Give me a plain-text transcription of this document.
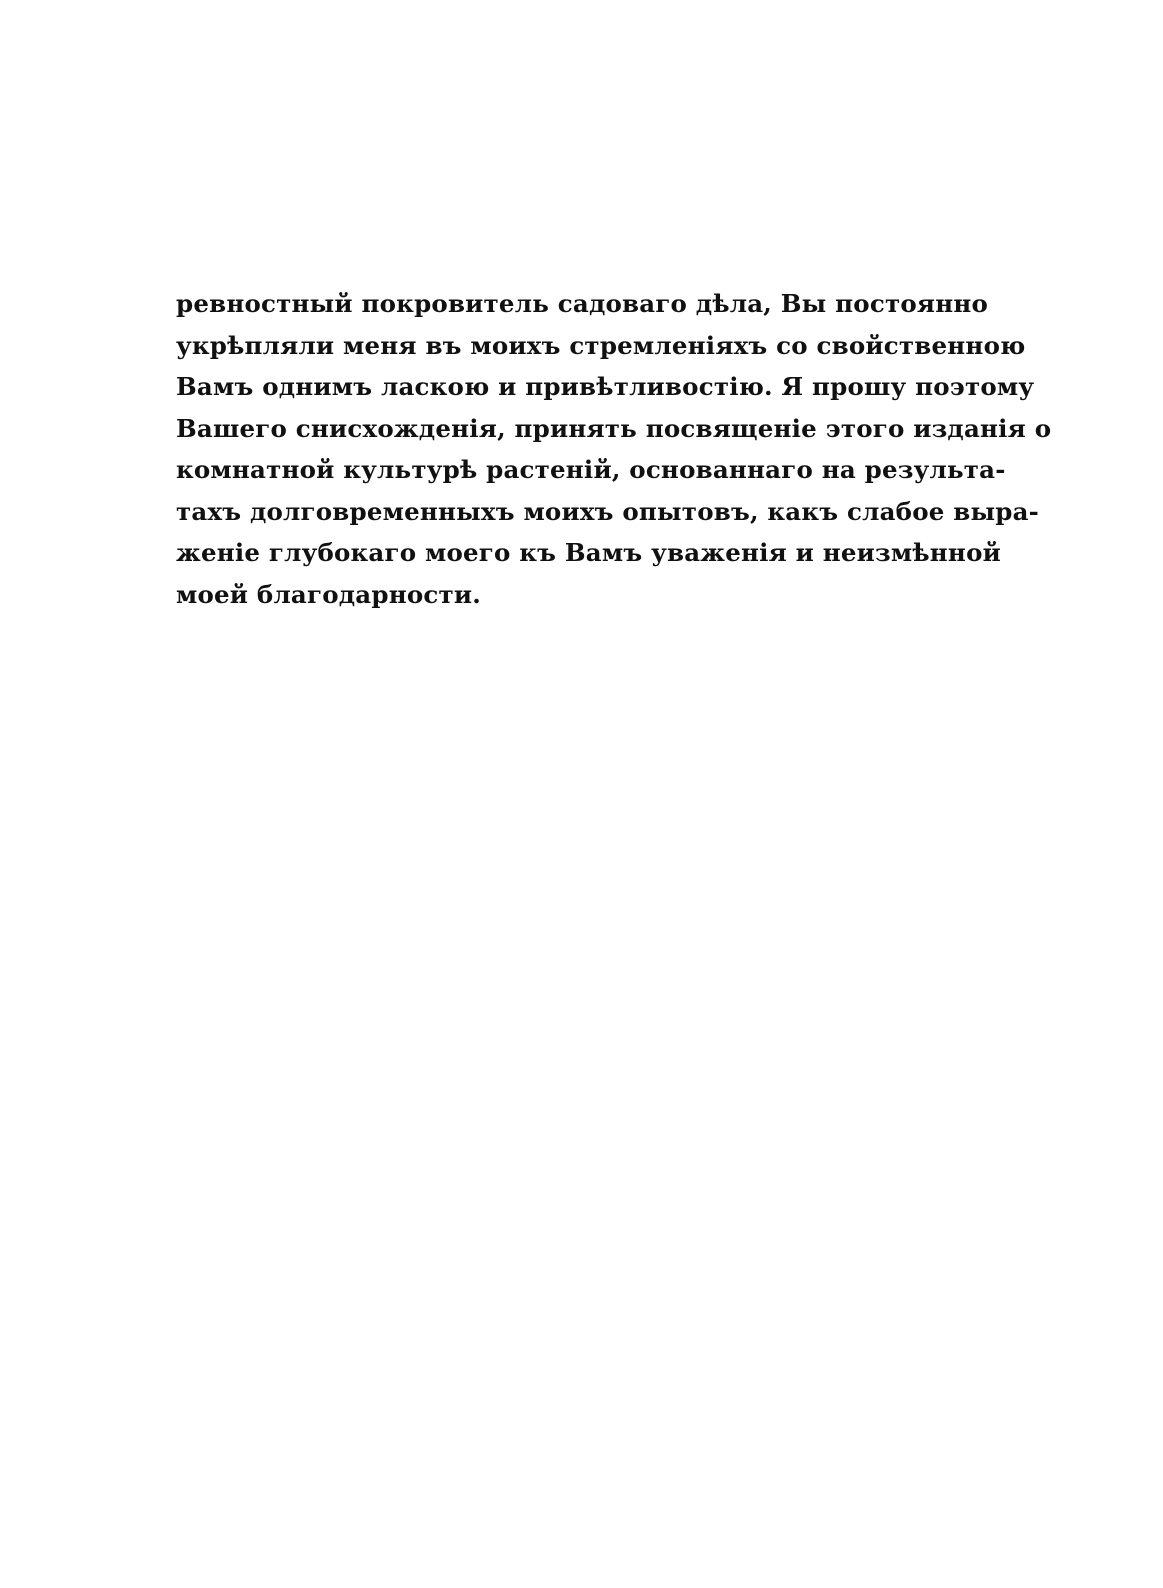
ревностный покровитель садоваго дѣла, Вы постоянно
укрѣпляли меня въ моихъ стремленіяхъ со свойственною
Вамъ однимъ ласкою и привѣтливостію. Я прошу поэтому
Вашего снисхожденія, принять посвященіе этого изданія о
комнатной культурѣ растеній, основаннаго на результа-
тахъ долговременныхъ моихъ опытовъ, какъ слабое выра-
женіе глубокаго моего къ Вамъ уваженія и неизмѣнной
моей благодарности.
